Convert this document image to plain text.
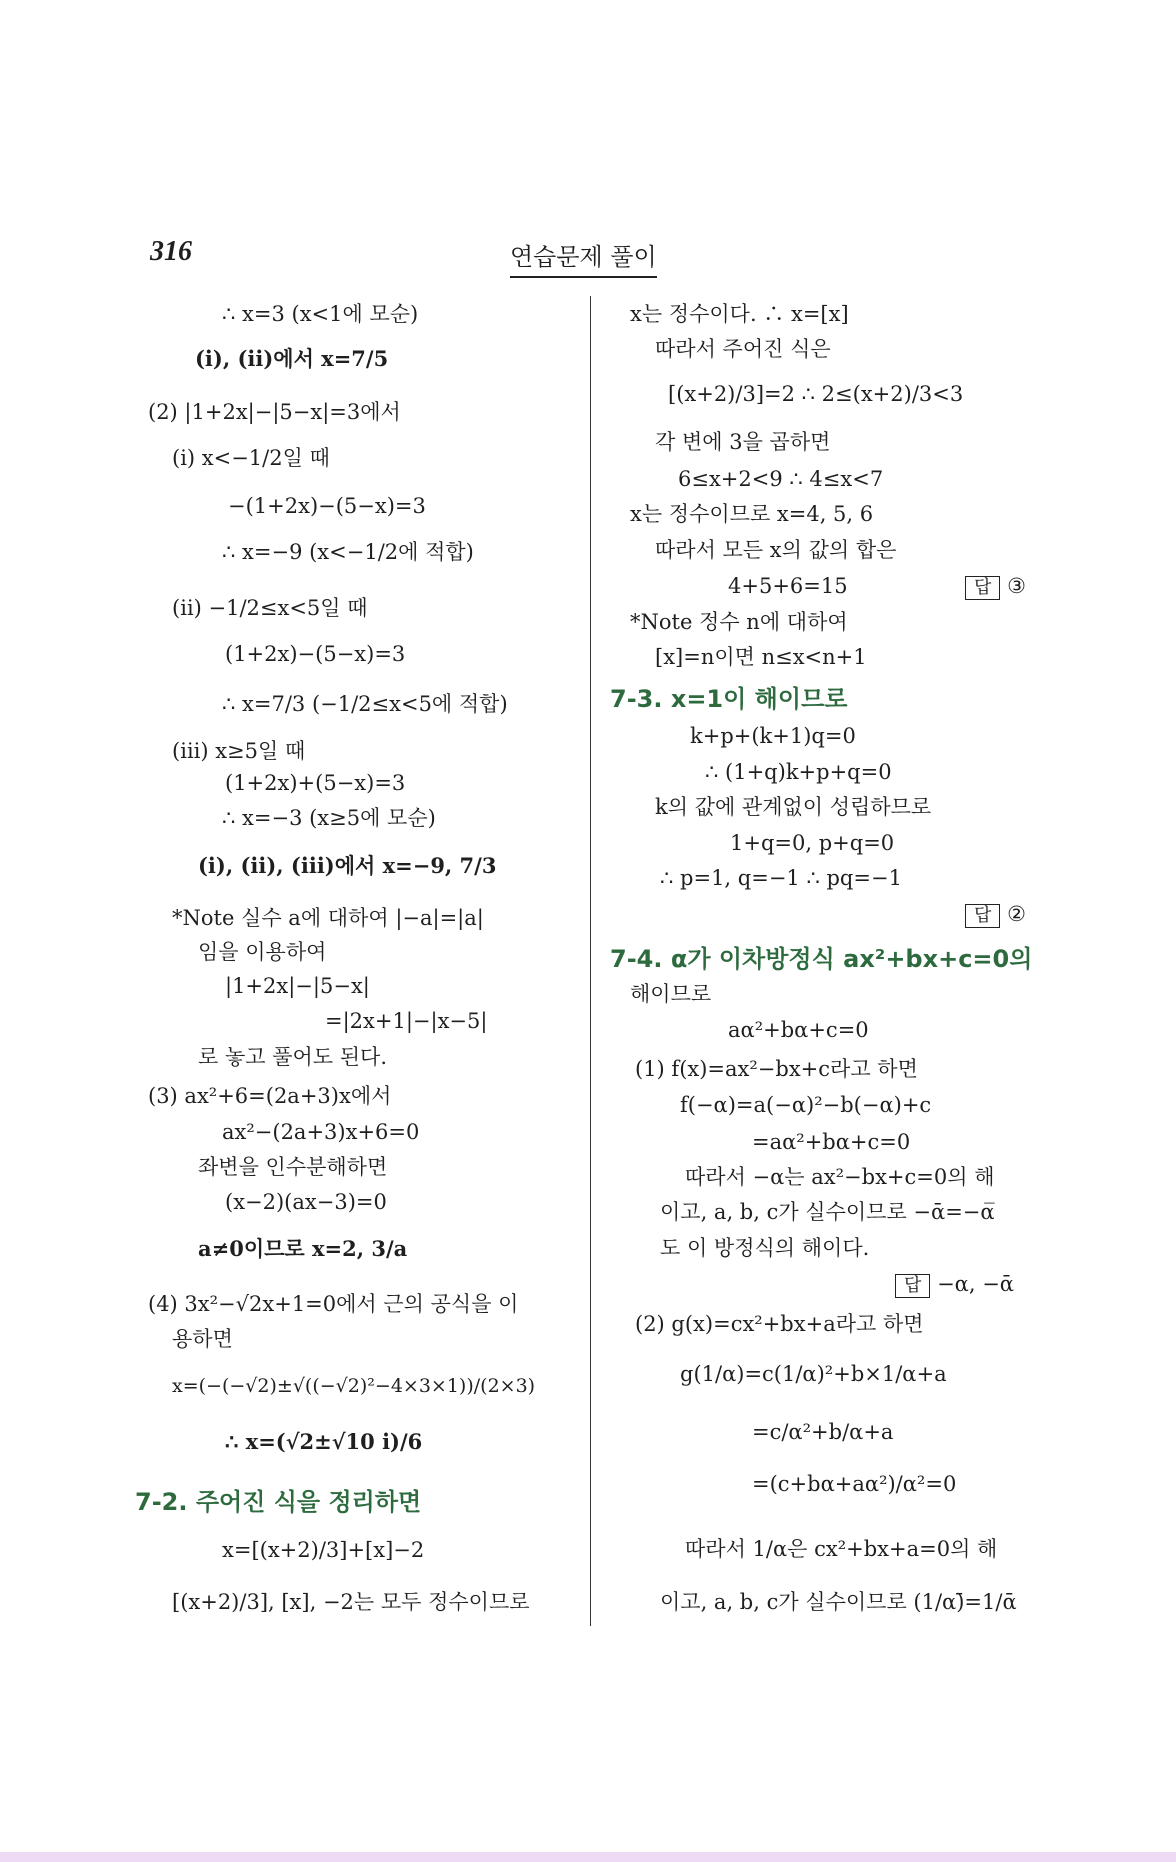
316	연습문제 풀이
∴ x=3 (x<1에 모순)
(ⅰ), (ⅱ)에서 x=7/5
(2) |1+2x|−|5−x|=3에서
(ⅰ) x<−1/2일 때
−(1+2x)−(5−x)=3
∴ x=−9 (x<−1/2에 적합)
(ⅱ) −1/2≤x<5일 때
(1+2x)−(5−x)=3
∴ x=7/3 (−1/2≤x<5에 적합)
(ⅲ) x≥5일 때
(1+2x)+(5−x)=3
∴ x=−3 (x≥5에 모순)
(ⅰ), (ⅱ), (ⅲ)에서 x=−9, 7/3
*Note 실수 a에 대하여 |−a|=|a|
임을 이용하여
|1+2x|−|5−x|
=|2x+1|−|x−5|
로 놓고 풀어도 된다.
(3) ax²+6=(2a+3)x에서
ax²−(2a+3)x+6=0
좌변을 인수분해하면
(x−2)(ax−3)=0
a≠0이므로 x=2, 3/a
(4) 3x²−√2x+1=0에서 근의 공식을 이
용하면
x=(−(−√2)±√((−√2)²−4×3×1))/(2×3)
∴ x=(√2±√10 i)/6
7-2. 주어진 식을 정리하면
x=[(x+2)/3]+[x]−2
[(x+2)/3], [x], −2는 모두 정수이므로
x는 정수이다. ∴ x=[x]
따라서 주어진 식은
[(x+2)/3]=2 ∴ 2≤(x+2)/3<3
각 변에 3을 곱하면
6≤x+2<9 ∴ 4≤x<7
x는 정수이므로 x=4, 5, 6
따라서 모든 x의 값의 합은
4+5+6=15	답 ③
*Note 정수 n에 대하여
[x]=n이면 n≤x<n+1
7-3. x=1이 해이므로
k+p+(k+1)q=0
∴ (1+q)k+p+q=0
k의 값에 관계없이 성립하므로
1+q=0, p+q=0
∴ p=1, q=−1 ∴ pq=−1
답 ②
7-4. α가 이차방정식 ax²+bx+c=0의
해이므로
aα²+bα+c=0
(1) f(x)=ax²−bx+c라고 하면
f(−α)=a(−α)²−b(−α)+c
=aα²+bα+c=0
따라서 −α는 ax²−bx+c=0의 해
이고, a, b, c가 실수이므로 −ᾱ=−α̅
도 이 방정식의 해이다.
답 −α, −ᾱ
(2) g(x)=cx²+bx+a라고 하면
g(1/α)=c(1/α)²+b×1/α+a
=c/α²+b/α+a
=(c+bα+aα²)/α²=0
따라서 1/α은 cx²+bx+a=0의 해
이고, a, b, c가 실수이므로 (1/α)̄=1/ᾱ
